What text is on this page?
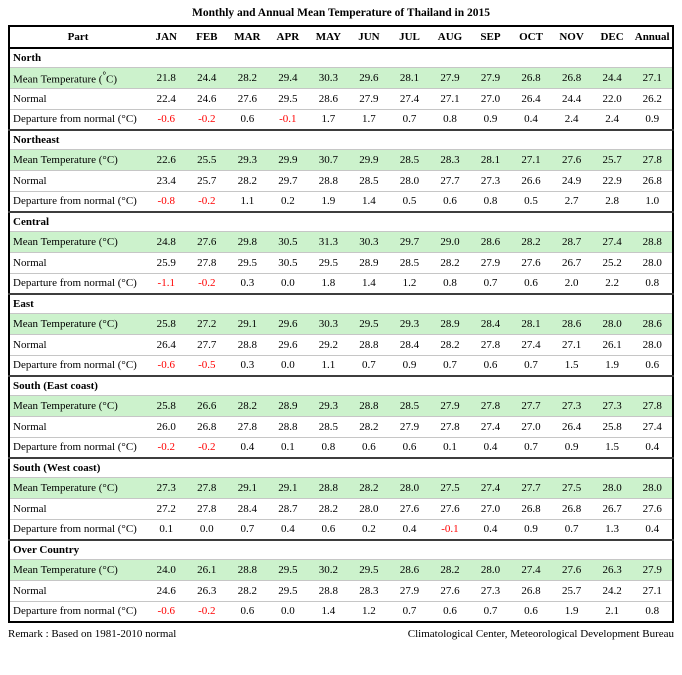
Monthly and Annual Mean Temperature of Thailand in 2015
Part	JAN	FEB	MAR	APR	MAY	JUN	JUL	AUG	SEP	OCT	NOV	DEC	Annual
North													
Mean Temperature (°C)	21.8	24.4	28.2	29.4	30.3	29.6	28.1	27.9	27.9	26.8	26.8	24.4	27.1
Normal	22.4	24.6	27.6	29.5	28.6	27.9	27.4	27.1	27.0	26.4	24.4	22.0	26.2
Departure from normal (°C)	-0.6	-0.2	0.6	-0.1	1.7	1.7	0.7	0.8	0.9	0.4	2.4	2.4	0.9
Northeast													
Mean Temperature (°C)	22.6	25.5	29.3	29.9	30.7	29.9	28.5	28.3	28.1	27.1	27.6	25.7	27.8
Normal	23.4	25.7	28.2	29.7	28.8	28.5	28.0	27.7	27.3	26.6	24.9	22.9	26.8
Departure from normal (°C)	-0.8	-0.2	1.1	0.2	1.9	1.4	0.5	0.6	0.8	0.5	2.7	2.8	1.0
Central													
Mean Temperature (°C)	24.8	27.6	29.8	30.5	31.3	30.3	29.7	29.0	28.6	28.2	28.7	27.4	28.8
Normal	25.9	27.8	29.5	30.5	29.5	28.9	28.5	28.2	27.9	27.6	26.7	25.2	28.0
Departure from normal (°C)	-1.1	-0.2	0.3	0.0	1.8	1.4	1.2	0.8	0.7	0.6	2.0	2.2	0.8
East													
Mean Temperature (°C)	25.8	27.2	29.1	29.6	30.3	29.5	29.3	28.9	28.4	28.1	28.6	28.0	28.6
Normal	26.4	27.7	28.8	29.6	29.2	28.8	28.4	28.2	27.8	27.4	27.1	26.1	28.0
Departure from normal (°C)	-0.6	-0.5	0.3	0.0	1.1	0.7	0.9	0.7	0.6	0.7	1.5	1.9	0.6
South (East coast)													
Mean Temperature (°C)	25.8	26.6	28.2	28.9	29.3	28.8	28.5	27.9	27.8	27.7	27.3	27.3	27.8
Normal	26.0	26.8	27.8	28.8	28.5	28.2	27.9	27.8	27.4	27.0	26.4	25.8	27.4
Departure from normal (°C)	-0.2	-0.2	0.4	0.1	0.8	0.6	0.6	0.1	0.4	0.7	0.9	1.5	0.4
South (West coast)													
Mean Temperature (°C)	27.3	27.8	29.1	29.1	28.8	28.2	28.0	27.5	27.4	27.7	27.5	28.0	28.0
Normal	27.2	27.8	28.4	28.7	28.2	28.0	27.6	27.6	27.0	26.8	26.8	26.7	27.6
Departure from normal (°C)	0.1	0.0	0.7	0.4	0.6	0.2	0.4	-0.1	0.4	0.9	0.7	1.3	0.4
Over Country													
Mean Temperature (°C)	24.0	26.1	28.8	29.5	30.2	29.5	28.6	28.2	28.0	27.4	27.6	26.3	27.9
Normal	24.6	26.3	28.2	29.5	28.8	28.3	27.9	27.6	27.3	26.8	25.7	24.2	27.1
Departure from normal (°C)	-0.6	-0.2	0.6	0.0	1.4	1.2	0.7	0.6	0.7	0.6	1.9	2.1	0.8
Remark : Based on 1981-2010 normal	Climatological Center, Meteorological Development Bureau
